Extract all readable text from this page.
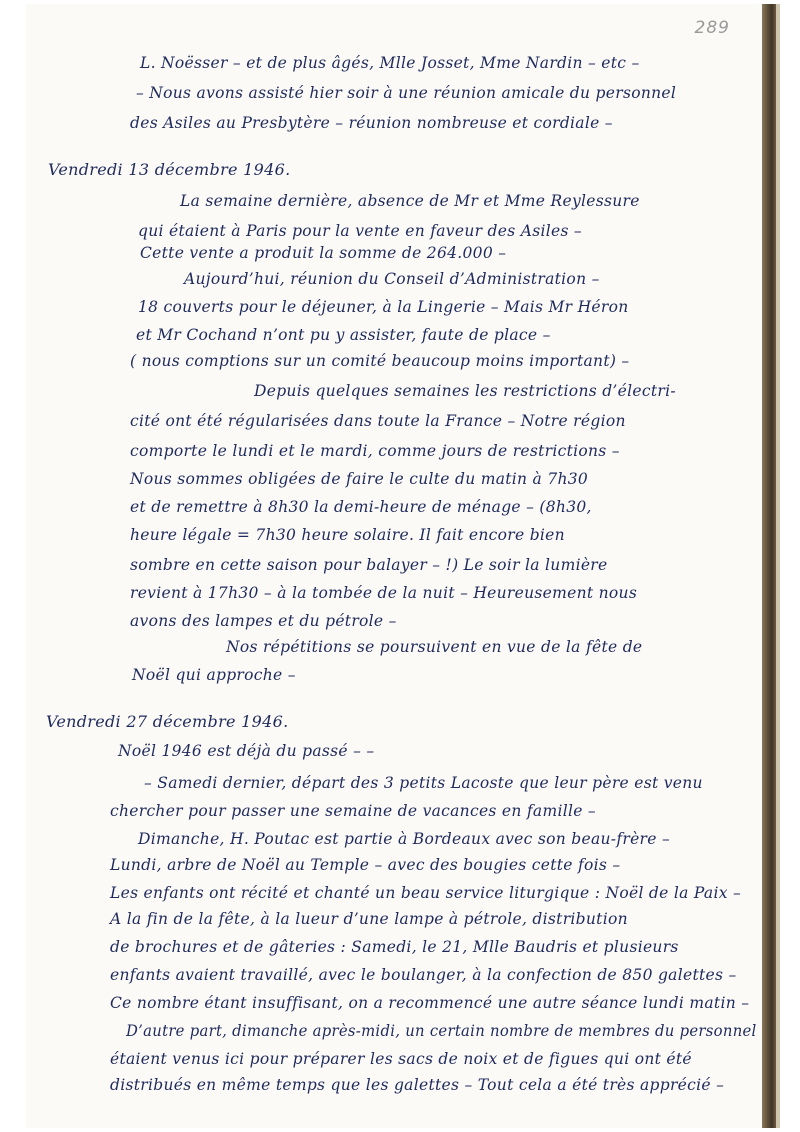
289
L. Noësser – et de plus âgés, Mlle Josset, Mme Nardin – etc –
– Nous avons assisté hier soir à une réunion amicale du personnel
des Asiles au Presbytère – réunion nombreuse et cordiale –
Vendredi 13 décembre 1946.
La semaine dernière, absence de Mr et Mme Reylessure
qui étaient à Paris pour la vente en faveur des Asiles –
Cette vente a produit la somme de 264.000 –
Aujourd’hui, réunion du Conseil d’Administration –
18 couverts pour le déjeuner, à la Lingerie – Mais Mr Héron
et Mr Cochand n’ont pu y assister, faute de place –
( nous comptions sur un comité beaucoup moins important) –
Depuis quelques semaines les restrictions d’électri-
cité ont été régularisées dans toute la France – Notre région
comporte le lundi et le mardi, comme jours de restrictions –
Nous sommes obligées de faire le culte du matin à 7h30
et de remettre à 8h30 la demi-heure de ménage – (8h30,
heure légale = 7h30 heure solaire. Il fait encore bien
sombre en cette saison pour balayer – !) Le soir la lumière
revient à 17h30 – à la tombée de la nuit – Heureusement nous
avons des lampes et du pétrole –
Nos répétitions se poursuivent en vue de la fête de
Noël qui approche –
Vendredi 27 décembre 1946.
Noël 1946 est déjà du passé – –
– Samedi dernier, départ des 3 petits Lacoste que leur père est venu
chercher pour passer une semaine de vacances en famille –
Dimanche, H. Poutac est partie à Bordeaux avec son beau-frère –
Lundi, arbre de Noël au Temple – avec des bougies cette fois –
Les enfants ont récité et chanté un beau service liturgique : Noël de la Paix –
A la fin de la fête, à la lueur d’une lampe à pétrole, distribution
de brochures et de gâteries : Samedi, le 21, Mlle Baudris et plusieurs
enfants avaient travaillé, avec le boulanger, à la confection de 850 galettes –
Ce nombre étant insuffisant, on a recommencé une autre séance lundi matin –
D’autre part, dimanche après-midi, un certain nombre de membres du personnel
étaient venus ici pour préparer les sacs de noix et de figues qui ont été
distribués en même temps que les galettes – Tout cela a été très apprécié –
